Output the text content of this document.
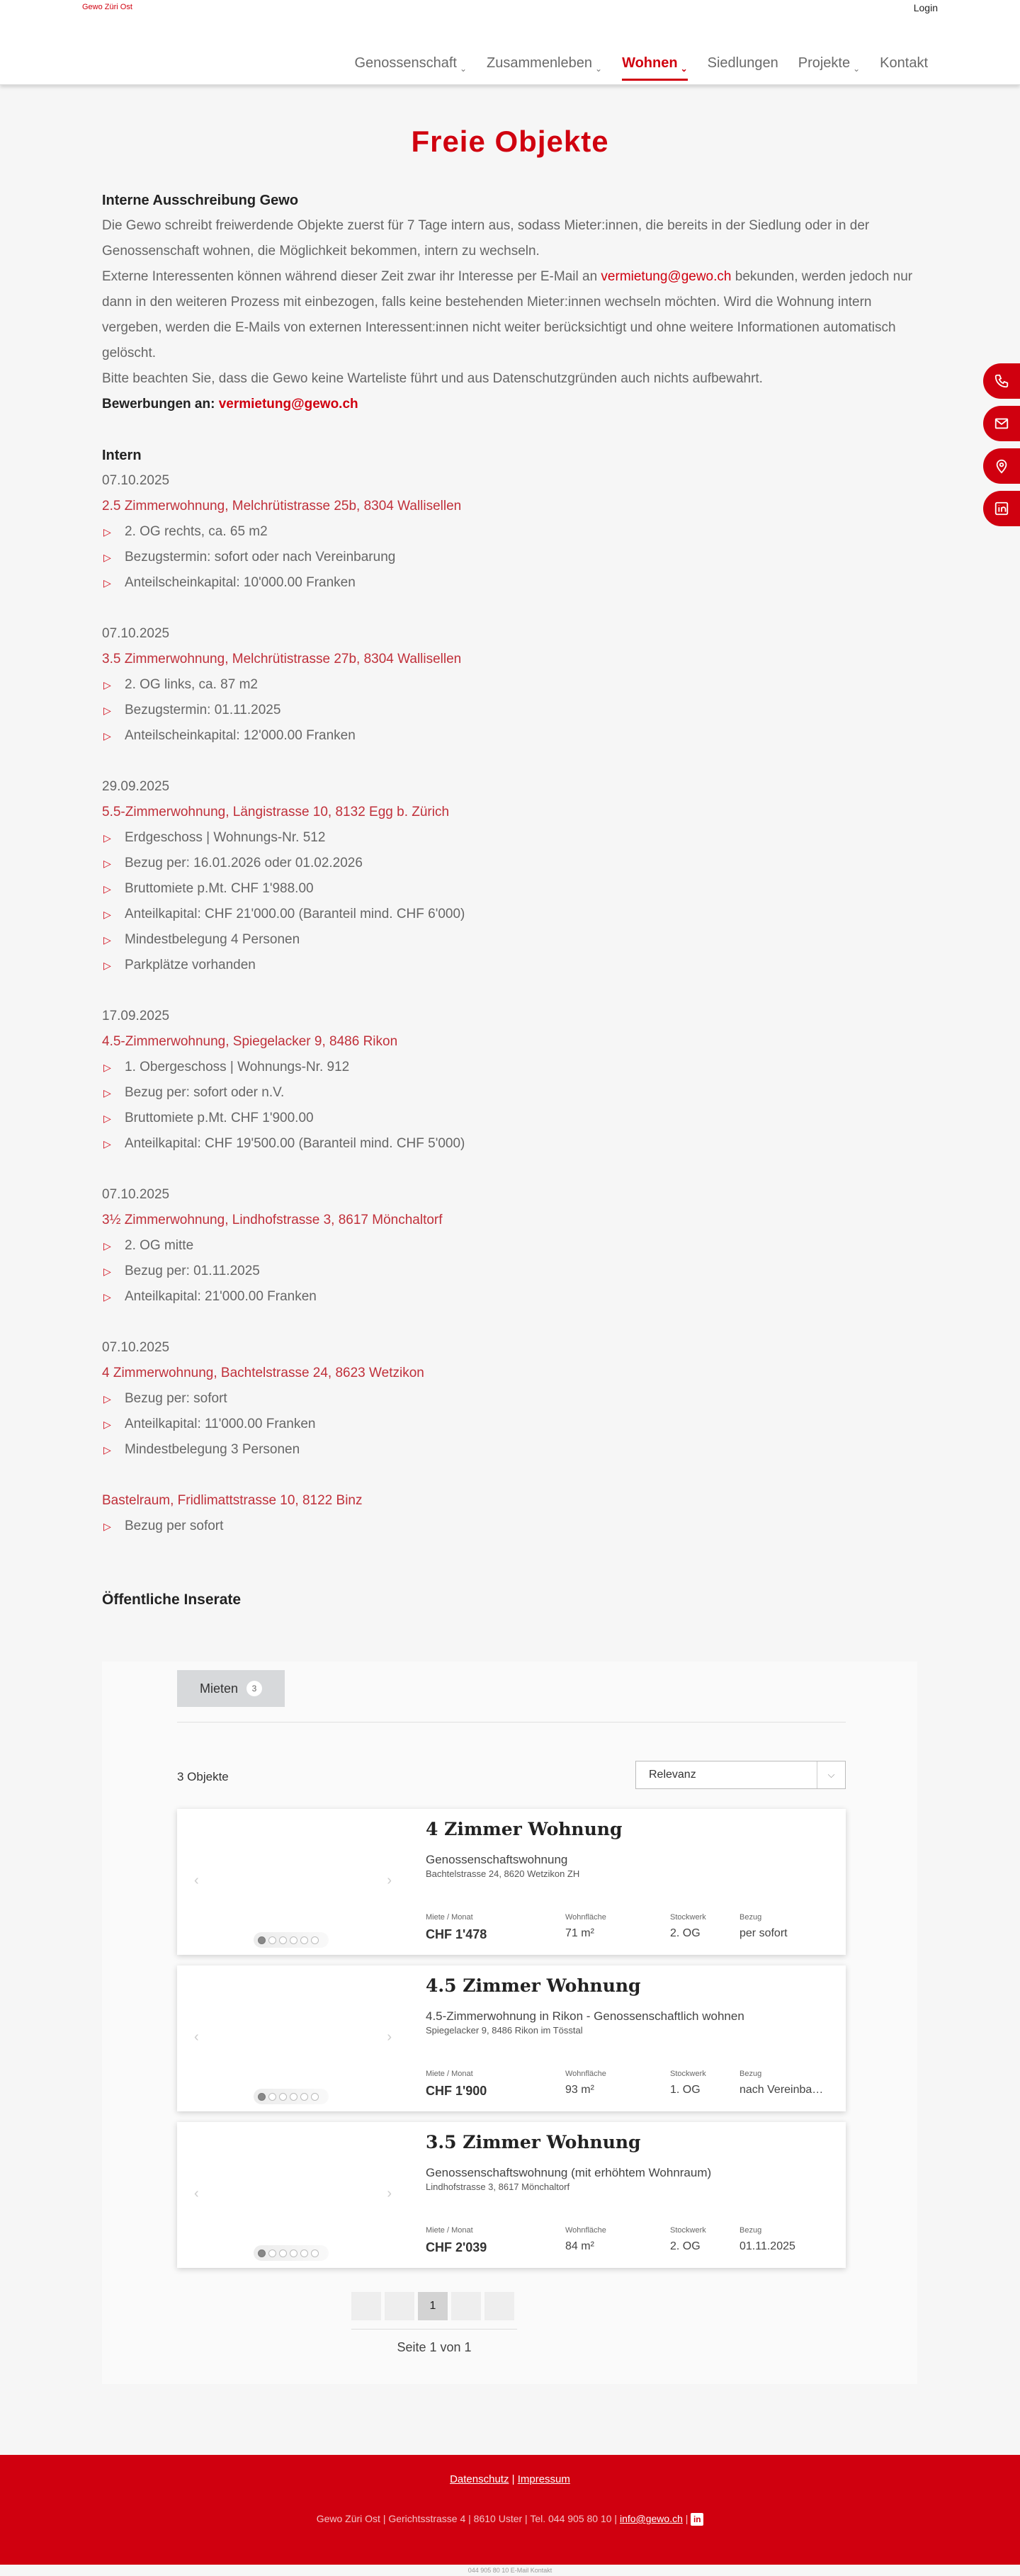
Gewo Züri Ost	Login
Genossenschaft ⌄ Zusammenleben ⌄ Wohnen ⌄ Siedlungen Projekte ⌄ Kontakt
Freie Objekte
Interne Ausschreibung Gewo

Die Gewo schreibt freiwerdende Objekte zuerst für 7 Tage intern aus, sodass Mieter:innen, die bereits in der Siedlung oder in der Genossenschaft wohnen, die Möglichkeit bekommen, intern zu wechseln.

Externe Interessenten können während dieser Zeit zwar ihr Interesse per E-Mail an vermietung@gewo.ch bekunden, werden jedoch nur dann in den weiteren Prozess mit einbezogen, falls keine bestehenden Mieter:innen wechseln möchten. Wird die Wohnung intern vergeben, werden die E-Mails von externen Interessent:innen nicht weiter berücksichtigt und ohne weitere Informationen automatisch gelöscht.

Bitte beachten Sie, dass die Gewo keine Warteliste führt und aus Datenschutzgründen auch nichts aufbewahrt.

Bewerbungen an: vermietung@gewo.ch

Intern
07.10.2025
2.5 Zimmerwohnung, Melchrütistrasse 25b, 8304 Wallisellen
▷ 2. OG rechts, ca. 65 m2
▷ Bezugstermin: sofort oder nach Vereinbarung
▷ Anteilscheinkapital: 10'000.00 Franken
07.10.2025
3.5 Zimmerwohnung, Melchrütistrasse 27b, 8304 Wallisellen
▷ 2. OG links, ca. 87 m2
▷ Bezugstermin: 01.11.2025
▷ Anteilscheinkapital: 12'000.00 Franken
29.09.2025
5.5-Zimmerwohnung, Längistrasse 10, 8132 Egg b. Zürich
▷ Erdgeschoss | Wohnungs-Nr. 512
▷ Bezug per: 16.01.2026 oder 01.02.2026
▷ Bruttomiete p.Mt. CHF 1'988.00
▷ Anteilkapital: CHF 21'000.00 (Baranteil mind. CHF 6'000)
▷ Mindestbelegung 4 Personen
▷ Parkplätze vorhanden
17.09.2025
4.5-Zimmerwohnung, Spiegelacker 9, 8486 Rikon
▷ 1. Obergeschoss | Wohnungs-Nr. 912
▷ Bezug per: sofort oder n.V.
▷ Bruttomiete p.Mt. CHF 1'900.00
▷ Anteilkapital: CHF 19'500.00 (Baranteil mind. CHF 5'000)
07.10.2025
3½ Zimmerwohnung, Lindhofstrasse 3, 8617 Mönchaltorf
▷ 2. OG mitte
▷ Bezug per: 01.11.2025
▷ Anteilkapital: 21'000.00 Franken
07.10.2025
4 Zimmerwohnung, Bachtelstrasse 24, 8623 Wetzikon
▷ Bezug per: sofort
▷ Anteilkapital: 11'000.00 Franken
▷ Mindestbelegung 3 Personen
Bastelraum, Fridlimattstrasse 10, 8122 Binz
▷ Bezug per sofort
Öffentliche Inserate
Mieten	3
3 Objekte	Relevanz	⌵
‹	›
4 Zimmer Wohnung
Genossenschaftswohnung
Bachtelstrasse 24, 8620 Wetzikon ZH
Miete / Monat
CHF 1'478
Wohnfläche
71 m²
Stockwerk
2. OG
Bezug
per sofort
‹	›
4.5 Zimmer Wohnung
4.5-Zimmerwohnung in Rikon - Genossenschaftlich wohnen
Spiegelacker 9, 8486 Rikon im Tösstal
Miete / Monat
CHF 1'900
Wohnfläche
93 m²
Stockwerk
1. OG
Bezug
nach Vereinba…
‹	›
3.5 Zimmer Wohnung
Genossenschaftswohnung (mit erhöhtem Wohnraum)
Lindhofstrasse 3, 8617 Mönchaltorf
Miete / Monat
CHF 2'039
Wohnfläche
84 m²
Stockwerk
2. OG
Bezug
01.11.2025
1
Seite 1 von 1
Datenschutz | Impressum
Gewo Züri Ost | Gerichtsstrasse 4 | 8610 Uster | Tel. 044 905 80 10 | info@gewo.ch | in
044 905 80 10 E-Mail Kontakt
